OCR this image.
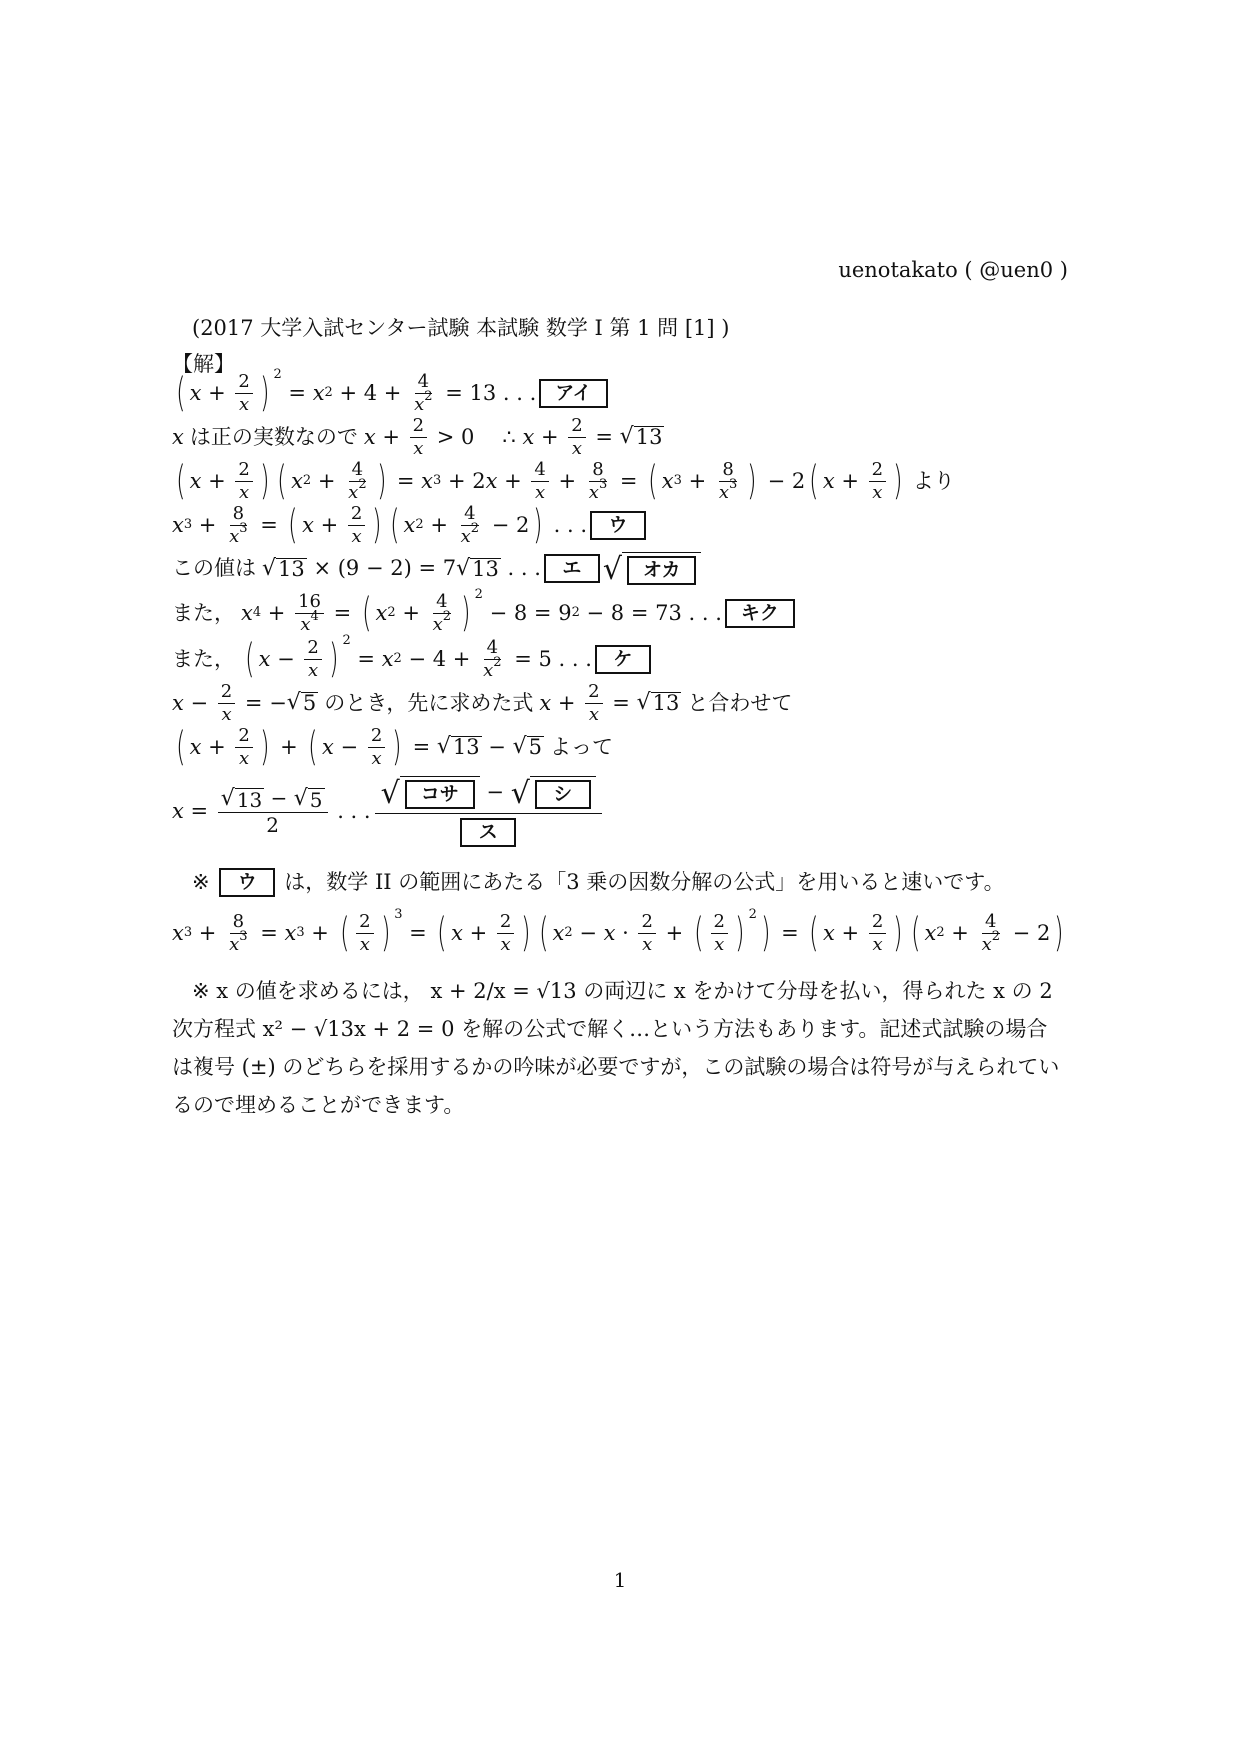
uenotakato ( @uen0 )
(2017 大学入試センター試験 本試験 数学 I 第 1 問 [1] )
【解】
( $x + \frac{2}{x}$ ) 2
= x $2 + 4 + \frac{4}{x^2} = 13$ . . .	アイ
x は正の実数なので $x + \frac{2}{x} > 0$ ∴
$x + \frac{2}{x}$ = √ 13
( $x + \frac{2}{x}$ ) ( x $2 + \frac{4}{x^2}$ ) = x 3 + 2 $x + \frac{4}{x} + \frac{8}{x^3}$ = ( x $3 + \frac{8}{x^3}$ ) − 2 ( $x + \frac{2}{x}$ ) より
x $3 + \frac{8}{x^3}$ = ( $x + \frac{2}{x}$ ) ( x $2 + \frac{4}{x^2} - 2$ ) . . .	ウ
この値は √ 13 × (9 − 2) = 7 √ 13 . . .	エ √	オカ
また， x $4 + \frac{16}{x^4}$ = ( x $2 + \frac{4}{x^2}$ ) 2
− 8 = 9 2 − 8 = 73 . . .	キク
また， ( $x - \frac{2}{x}$ ) 2
= x $2 - 4 + \frac{4}{x^2} = 5$ . . .	ケ
$x - \frac{2}{x}$ = − √ 5 のとき，先に求めた式 $x + \frac{2}{x}$ = √ 13 と合わせて
( $x + \frac{2}{x}$ ) + ( $x - \frac{2}{x}$ ) = √ 13 − √ 5 よって
$x = \frac{√ 13 - √ 5}{2}$ . . . √	コサ	− √	シ
ス
※
	ウ	は，数学 II の範囲にあたる「3 乗の因数分解の公式」を用いると速いです。
x $3 + \frac{8}{x^3} = x$ 3 + ( $\frac{2}{x}$ ) 3
= ( $x + \frac{2}{x}$ ) ( x $2 - x \cdot \frac{2}{x}$ + ( $\frac{2}{x}$ ) 2 ) = ( $x + \frac{2}{x}$ ) ( x $2 + \frac{4}{x^2} - 2$ )
※ x の値を求めるには， x + 2/x = √13 の両辺に x をかけて分母を払い，得られた x の 2 次方程式 x² − √13x + 2 = 0 を解の公式で解く…という方法もあります。記述式試験の場合は複号 (±) のどちらを採用するかの吟味が必要ですが，この試験の場合は符号が与えられているので埋めることができます。
1
